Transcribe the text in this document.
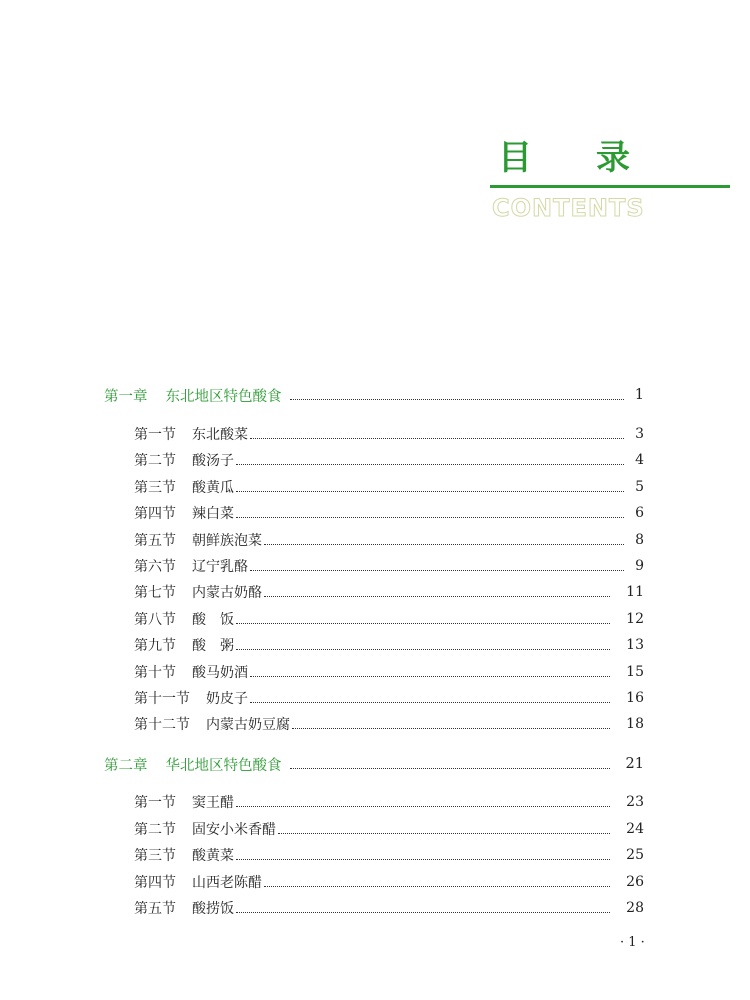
目 录
CONTENTS
第一章 东北地区特色酸食	1
第一节 东北酸菜	3
第二节 酸汤子	4
第三节 酸黄瓜	5
第四节 辣白菜	6
第五节 朝鲜族泡菜	8
第六节 辽宁乳酪	9
第七节 内蒙古奶酪	11
第八节 酸　饭	12
第九节 酸　粥	13
第十节 酸马奶酒	15
第十一节 奶皮子	16
第十二节 内蒙古奶豆腐	18
第二章 华北地区特色酸食	21
第一节 窦王醋	23
第二节 固安小米香醋	24
第三节 酸黄菜	25
第四节 山西老陈醋	26
第五节 酸捞饭	28
· 1 ·
